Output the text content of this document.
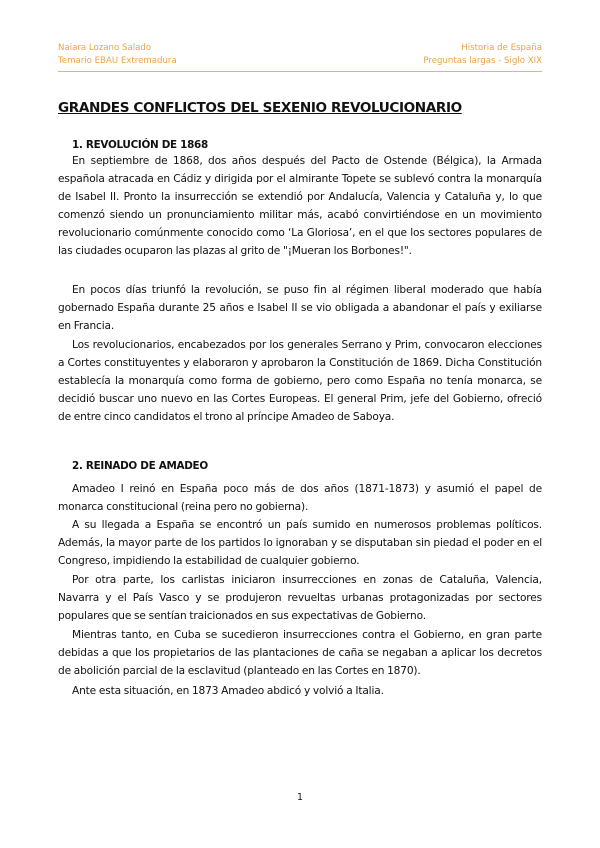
Naiara Lozano Salado
Temario EBAU Extremadura
Historia de España
Preguntas largas - Siglo XIX
GRANDES CONFLICTOS DEL SEXENIO REVOLUCIONARIO
1. REVOLUCIÓN DE 1868

En septiembre de 1868, dos años después del Pacto de Ostende (Bélgica), la Armada española atracada en Cádiz y dirigida por el almirante Topete se sublevó contra la monarquía de Isabel II. Pronto la insurrección se extendió por Andalucía, Valencia y Cataluña y, lo que comenzó siendo un pronunciamiento militar más, acabó convirtiéndose en un movimiento revolucionario comúnmente conocido como ‘La Gloriosa’, en el que los sectores populares de las ciudades ocuparon las plazas al grito de "¡Mueran los Borbones!".

En pocos días triunfó la revolución, se puso fin al régimen liberal moderado que había gobernado España durante 25 años e Isabel II se vio obligada a abandonar el país y exiliarse en Francia.

Los revolucionarios, encabezados por los generales Serrano y Prim, convocaron elecciones a Cortes constituyentes y elaboraron y aprobaron la Constitución de 1869. Dicha Constitución establecía la monarquía como forma de gobierno, pero como España no tenía monarca, se decidió buscar uno nuevo en las Cortes Europeas. El general Prim, jefe del Gobierno, ofreció de entre cinco candidatos el trono al príncipe Amadeo de Saboya.

2. REINADO DE AMADEO

Amadeo I reinó en España poco más de dos años (1871-1873) y asumió el papel de monarca constitucional (reina pero no gobierna).

A su llegada a España se encontró un país sumido en numerosos problemas políticos. Además, la mayor parte de los partidos lo ignoraban y se disputaban sin piedad el poder en el Congreso, impidiendo la estabilidad de cualquier gobierno.

Por otra parte, los carlistas iniciaron insurrecciones en zonas de Cataluña, Valencia, Navarra y el País Vasco y se produjeron revueltas urbanas protagonizadas por sectores populares que se sentían traicionados en sus expectativas de Gobierno.

Mientras tanto, en Cuba se sucedieron insurrecciones contra el Gobierno, en gran parte debidas a que los propietarios de las plantaciones de caña se negaban a aplicar los decretos de abolición parcial de la esclavitud (planteado en las Cortes en 1870).

Ante esta situación, en 1873 Amadeo abdicó y volvió a Italia.

1
